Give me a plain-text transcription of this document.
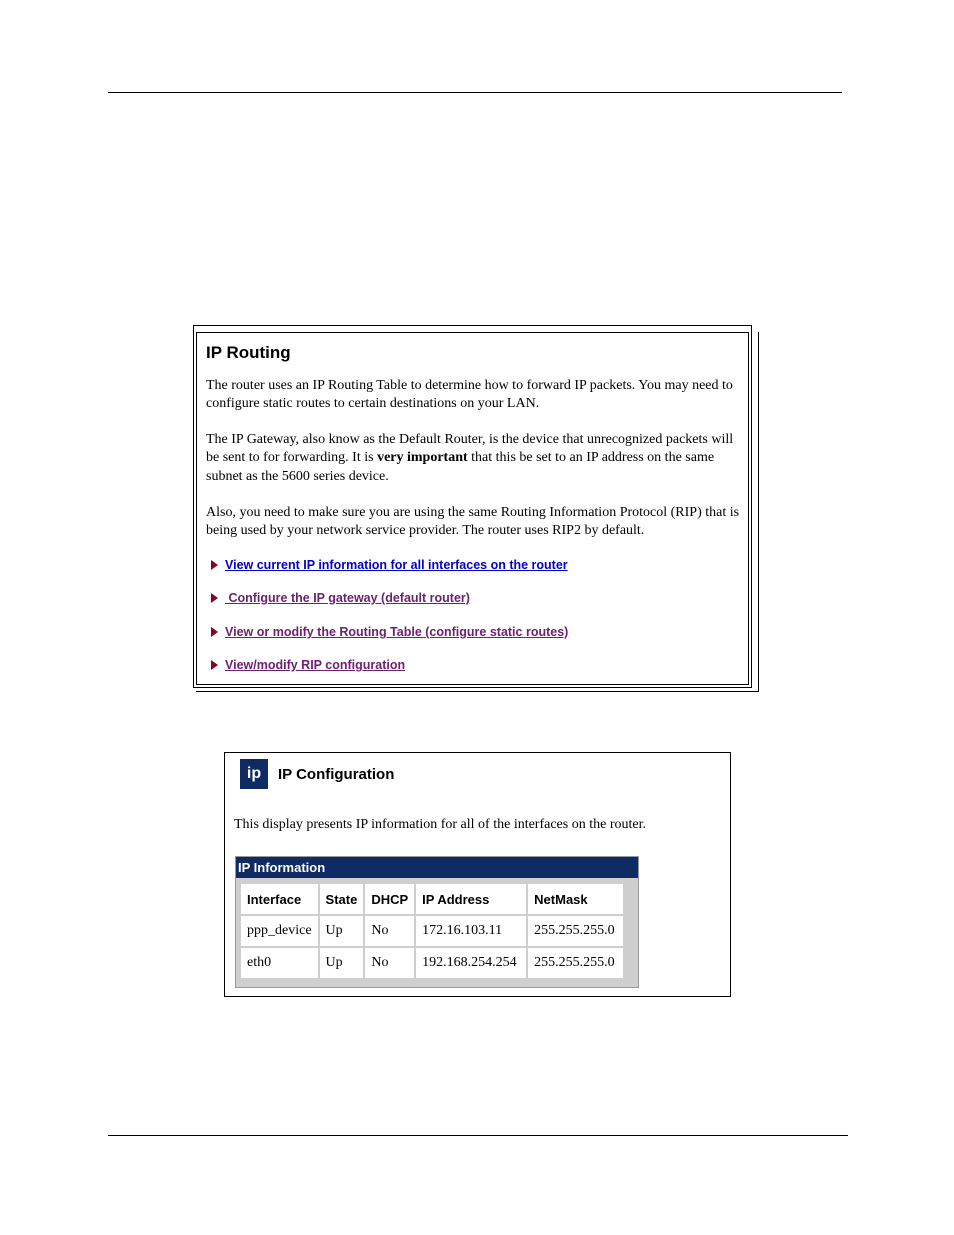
IP Routing
The router uses an IP Routing Table to determine how to forward IP packets. You may need to
configure static routes to certain destinations on your LAN.
The IP Gateway, also know as the Default Router, is the device that unrecognized packets will
be sent to for forwarding. It is very important that this be set to an IP address on the same
subnet as the 5600 series device.
Also, you need to make sure you are using the same Routing Information Protocol (RIP) that is
being used by your network service provider. The router uses RIP2 by default.
View current IP information for all interfaces on the router
Configure the IP gateway (default router)
View or modify the Routing Table (configure static routes)
View/modify RIP configuration
ip	IP Configuration

This display presents IP information for all of the interfaces on the router.

IP Information
Interface	State	DHCP	IP Address	NetMask
ppp_device	Up	No	172.16.103.11	255.255.255.0
eth0	Up	No	192.168.254.254	255.255.255.0
